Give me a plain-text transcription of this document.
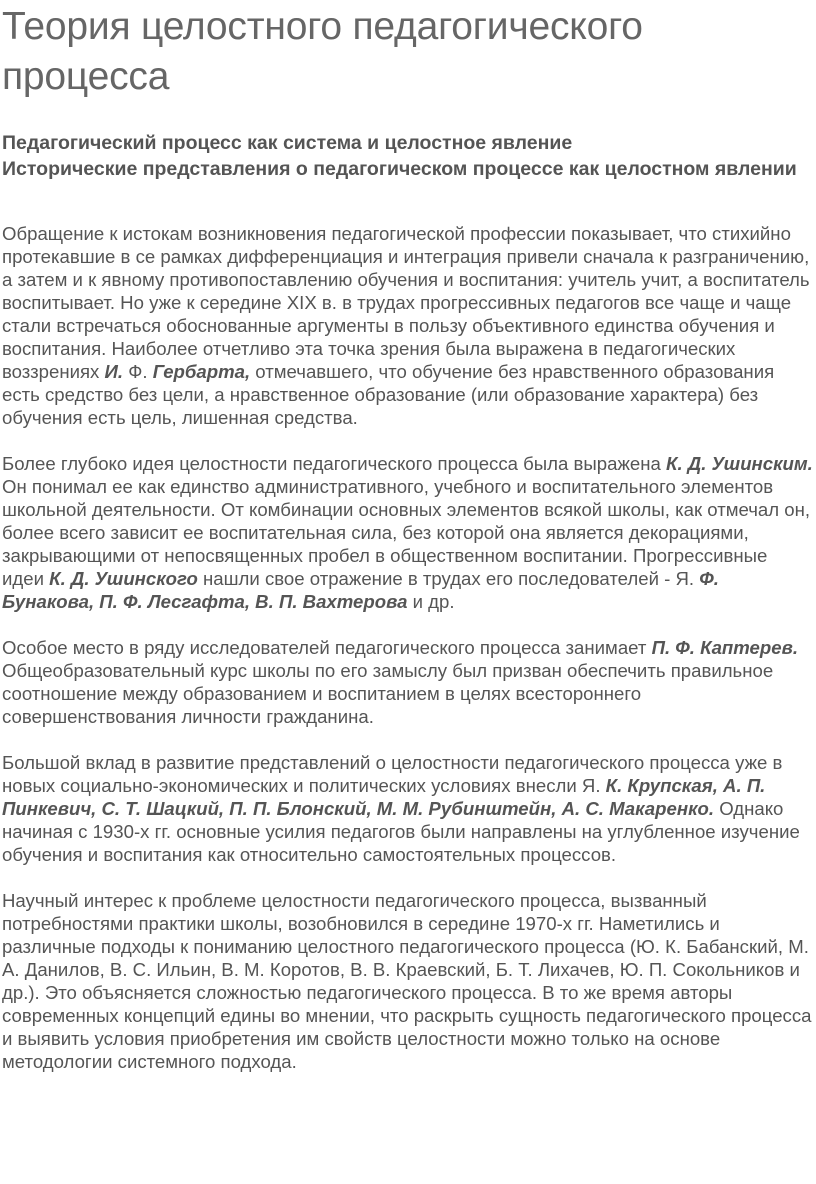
Теория целостного педагогического процесса
Педагогический процесс как система и целостное явление
Исторические представления о педагогическом процессе как целостном явлении

Обращение к истокам возникновения педагогической профессии показывает, что стихийно протекавшие в се рамках дифференциация и интеграция привели сначала к разграничению, а затем и к явному противопоставлению обучения и воспитания: учитель учит, а воспитатель воспитывает. Но уже к середине XIX в. в трудах прогрессивных педагогов все чаще и чаще стали встречаться обоснованные аргументы в пользу объективного единства обучения и воспитания. Наиболее отчетливо эта точка зрения была выражена в педагогических воззрениях И. Ф. Гербарта, отмечавшего, что обучение без нравственного образования есть средство без цели, а нравственное образование (или образование характера) без обучения есть цель, лишенная средства.

Более глубоко идея целостности педагогического процесса была выражена К. Д. Ушинским. Он понимал ее как единство административного, учебного и воспитательного элементов школьной деятельности. От комбинации основных элементов всякой школы, как отмечал он, более всего зависит ее воспитательная сила, без которой она является декорациями, закрывающими от непосвященных пробел в общественном воспитании. Прогрессивные идеи К. Д. Ушинского нашли свое отражение в трудах его последователей - Я. Ф. Бунакова, П. Ф. Лесгафта, В. П. Вахтерова и др.

Особое место в ряду исследователей педагогического процесса занимает П. Ф. Каптерев. Общеобразовательный курс школы по его замыслу был призван обеспечить правильное соотношение между образованием и воспитанием в целях всестороннего совершенствования личности гражданина.

Большой вклад в развитие представлений о целостности педагогического процесса уже в новых социально-экономических и политических условиях внесли Я. К. Крупская, А. П. Пинкевич, С. Т. Шацкий, П. П. Блонский, М. М. Рубинштейн, А. С. Макаренко. Однако начиная с 1930-х гг. основные усилия педагогов были направлены на углубленное изучение обучения и воспитания как относительно самостоятельных процессов.

Научный интерес к проблеме целостности педагогического процесса, вызванный потребностями практики школы, возобновился в середине 1970-х гг. Наметились и различные подходы к пониманию целостного педагогического процесса (Ю. К. Бабанский, М. А. Данилов, В. С. Ильин, В. М. Коротов, В. В. Краевский, Б. Т. Лихачев, Ю. П. Сокольников и др.). Это объясняется сложностью педагогического процесса. В то же время авторы современных концепций едины во мнении, что раскрыть сущность педагогического процесса и выявить условия приобретения им свойств целостности можно только на основе методологии системного подхода.
